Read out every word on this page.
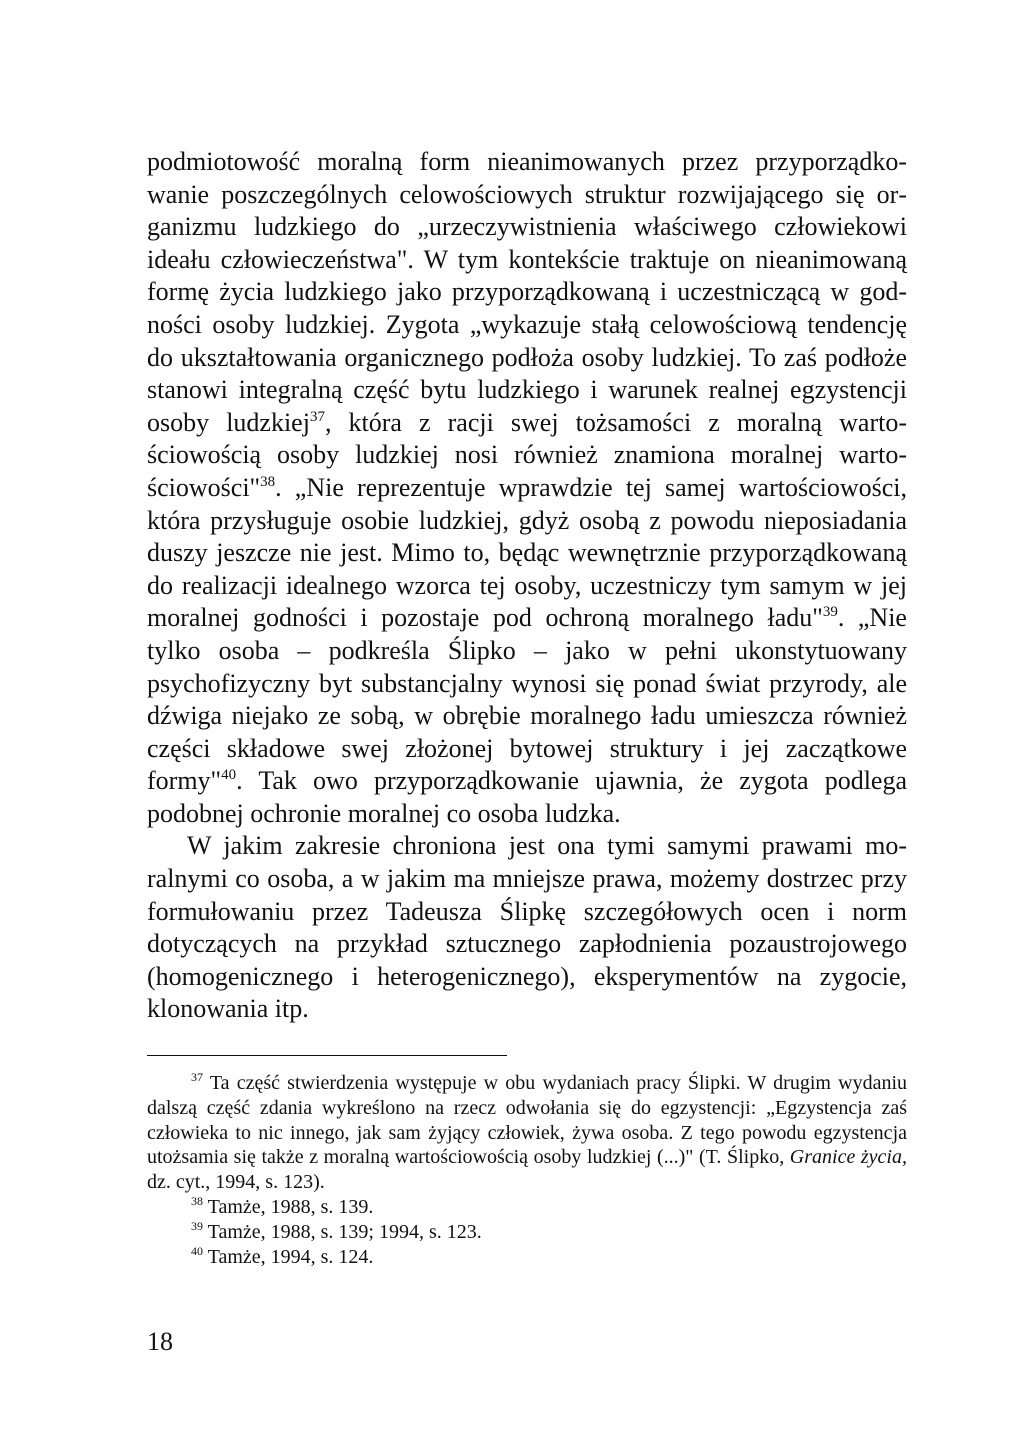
podmiotowość moralną form nieanimowanych przez przyporządkowanie poszczególnych celowościowych struktur rozwijającego się organizmu ludzkiego do „urzeczywistnienia właściwego człowiekowi ideału człowieczeństwa". W tym kontekście traktuje on nieanimowaną formę życia ludzkiego jako przyporządkowaną i uczestniczącą w godności osoby ludzkiej. Zygota „wykazuje stałą celowościową tendencję do ukształtowania organicznego podłoża osoby ludzkiej. To zaś podłoże stanowi integralną część bytu ludzkiego i warunek realnej egzystencji osoby ludzkiej$^{37}$, która z racji swej tożsamości z moralną wartościowością osoby ludzkiej nosi również znamiona moralnej wartościowości"$^{38}$. „Nie reprezentuje wprawdzie tej samej wartościowości, która przysługuje osobie ludzkiej, gdyż osobą z powodu nieposiadania duszy jeszcze nie jest. Mimo to, będąc wewnętrznie przyporządkowaną do realizacji idealnego wzorca tej osoby, uczestniczy tym samym w jej moralnej godności i pozostaje pod ochroną moralnego ładu"$^{39}$. „Nie tylko osoba – podkreśla Ślipko – jako w pełni ukonstytuowany psychofizyczny byt substancjalny wynosi się ponad świat przyrody, ale dźwiga niejako ze sobą, w obrębie moralnego ładu umieszcza również części składowe swej złożonej bytowej struktury i jej zaczątkowe formy"$^{40}$. Tak owo przyporządkowanie ujawnia, że zygota podlega podobnej ochronie moralnej co osoba ludzka.

W jakim zakresie chroniona jest ona tymi samymi prawami moralnymi co osoba, a w jakim ma mniejsze prawa, możemy dostrzec przy formułowaniu przez Tadeusza Ślipkę szczegółowych ocen i norm dotyczących na przykład sztucznego zapłodnienia pozaustrojowego (homogenicznego i heterogenicznego), eksperymentów na zygocie, klonowania itp.

$^{37}$ Ta część stwierdzenia występuje w obu wydaniach pracy Ślipki. W drugim wydaniu dalszą część zdania wykreślono na rzecz odwołania się do egzystencji: „Egzystencja zaś człowieka to nic innego, jak sam żyjący człowiek, żywa osoba. Z tego powodu egzystencja utożsamia się także z moralną wartościowością osoby ludzkiej (...)" (T. Ślipko, Granice życia, dz. cyt., 1994, s. 123).

$^{38}$ Tamże, 1988, s. 139.

$^{39}$ Tamże, 1988, s. 139; 1994, s. 123.

$^{40}$ Tamże, 1994, s. 124.

18
